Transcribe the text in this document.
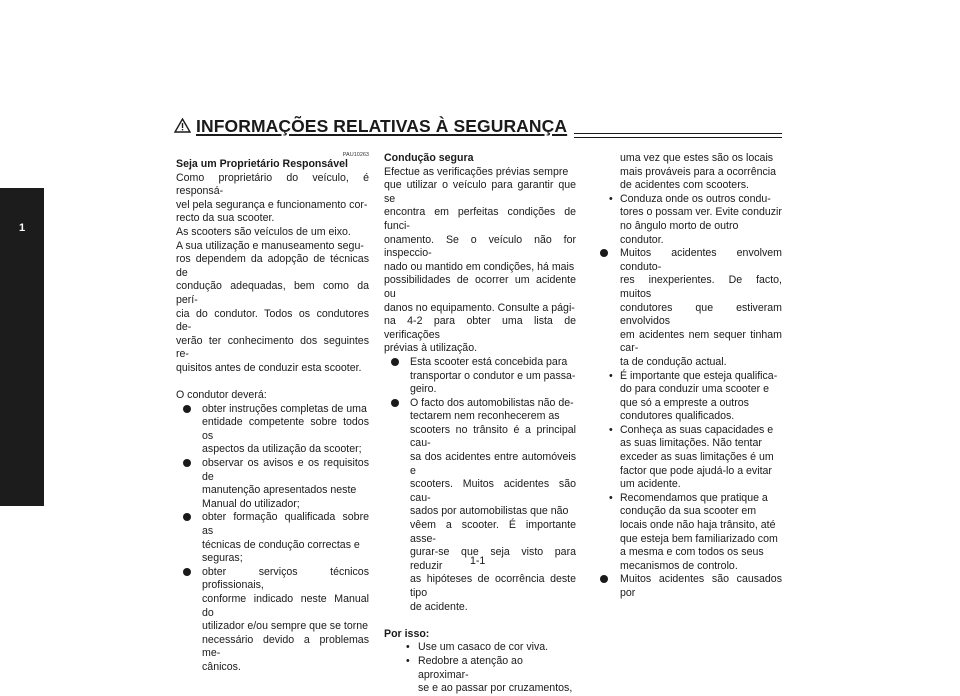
1
INFORMAÇÕES RELATIVAS À SEGURANÇA
PAU10263
Seja um Proprietário Responsável
Como proprietário do veículo, é responsá-
vel pela segurança e funcionamento cor-
recto da sua scooter.
As scooters são veículos de um eixo.
A sua utilização e manuseamento segu-
ros dependem da adopção de técnicas de
condução adequadas, bem como da perí-
cia do condutor. Todos os condutores de-
verão ter conhecimento dos seguintes re-
quisitos antes de conduzir esta scooter.
O condutor deverá:
obter instruções completas de uma
entidade competente sobre todos os
aspectos da utilização da scooter;
observar os avisos e os requisitos de
manutenção apresentados neste
Manual do utilizador;
obter formação qualificada sobre as
técnicas de condução correctas e
seguras;
obter serviços técnicos profissionais,
conforme indicado neste Manual do
utilizador e/ou sempre que se torne
necessário devido a problemas me-
cânicos.
Condução segura
Efectue as verificações prévias sempre
que utilizar o veículo para garantir que se
encontra em perfeitas condições de funci-
onamento. Se o veículo não for inspeccio-
nado ou mantido em condições, há mais
possibilidades de ocorrer um acidente ou
danos no equipamento. Consulte a pági-
na 4-2 para obter uma lista de verificações
prévias à utilização.
Esta scooter está concebida para
transportar o condutor e um passa-
geiro.
O facto dos automobilistas não de-
tectarem nem reconhecerem as
scooters no trânsito é a principal cau-
sa dos acidentes entre automóveis e
scooters. Muitos acidentes são cau-
sados por automobilistas que não
vêem a scooter. É importante asse-
gurar-se que seja visto para reduzir
as hipóteses de ocorrência deste tipo
de acidente.
Por isso:
• Use um casaco de cor viva.
• Redobre a atenção ao aproximar-
se e ao passar por cruzamentos,
uma vez que estes são os locais
mais prováveis para a ocorrência
de acidentes com scooters.
• Conduza onde os outros condu-
tores o possam ver. Evite conduzir
no ângulo morto de outro
condutor.
Muitos acidentes envolvem conduto-
res inexperientes. De facto, muitos
condutores que estiveram envolvidos
em acidentes nem sequer tinham car-
ta de condução actual.
• É importante que esteja qualifica-
do para conduzir uma scooter e
que só a empreste a outros
condutores qualificados.
• Conheça as suas capacidades e
as suas limitações. Não tentar
exceder as suas limitações é um
factor que pode ajudá-lo a evitar
um acidente.
• Recomendamos que pratique a
condução da sua scooter em
locais onde não haja trânsito, até
que esteja bem familiarizado com
a mesma e com todos os seus
mecanismos de controlo.
Muitos acidentes são causados por
1-1
